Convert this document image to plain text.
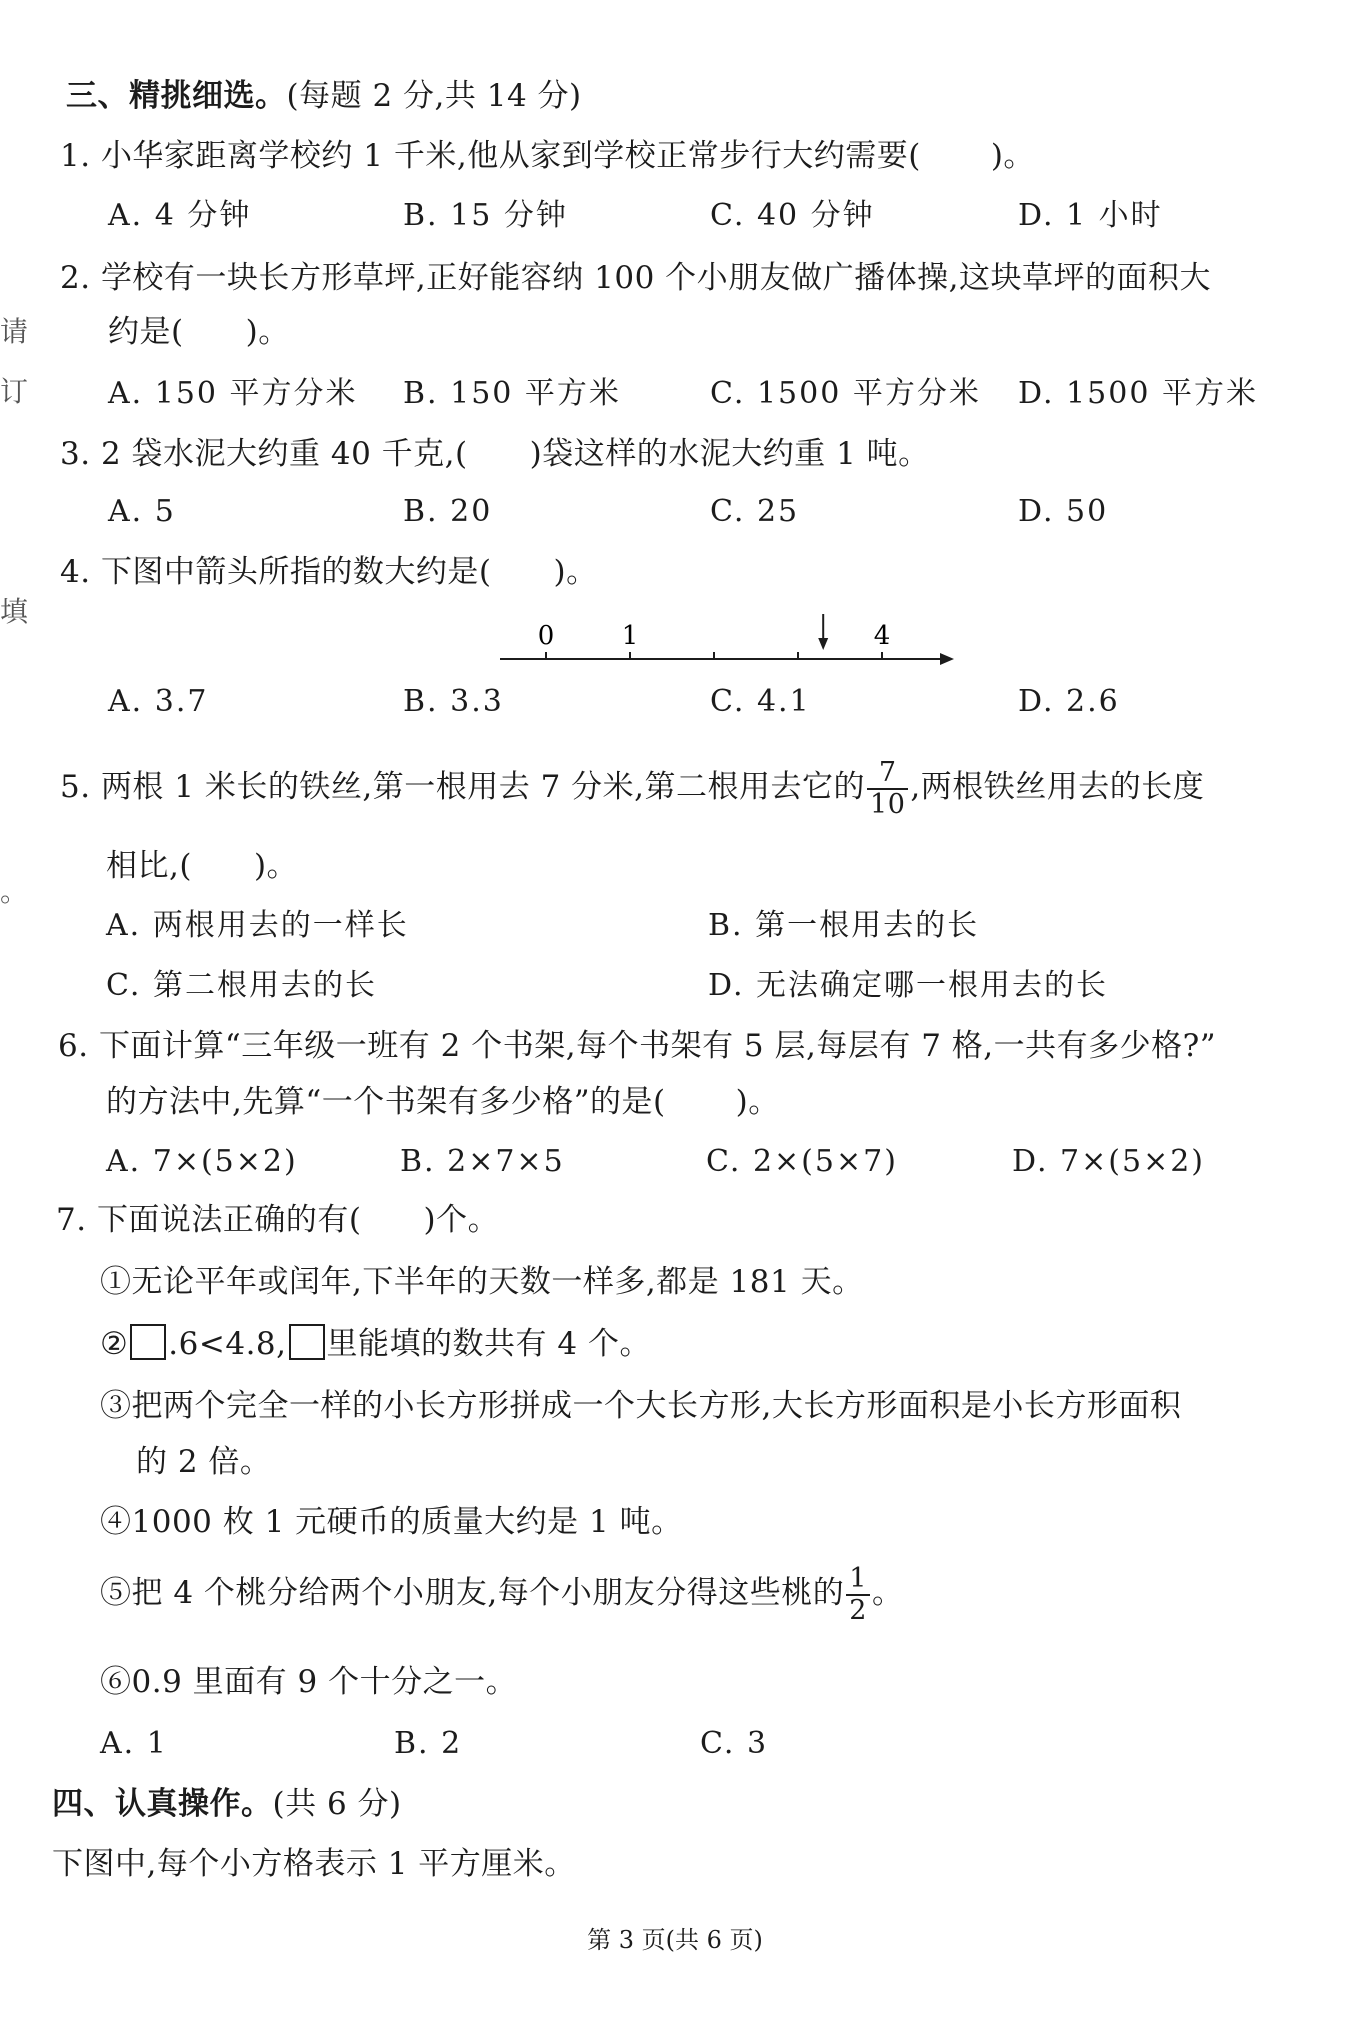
请
订
填
。
三、精挑细选。(每题 2 分,共 14 分)
1. 小华家距离学校约 1 千米,他从家到学校正常步行大约需要( )。
A. 4 分钟	B. 15 分钟	C. 40 分钟	D. 1 小时
2. 学校有一块长方形草坪,正好能容纳 100 个小朋友做广播体操,这块草坪的面积大
约是( )。
A. 150 平方分米 B. 150 平方米	C. 1500 平方分米 D. 1500 平方米
3. 2 袋水泥大约重 40 千克,( )袋这样的水泥大约重 1 吨。
A. 5	B. 20	C. 25	D. 50
4. 下图中箭头所指的数大约是( )。
0	1	4
A. 3.7	B. 3.3	C. 4.1	D. 2.6
5. 两根 1 米长的铁丝,第一根用去 7 分米,第二根用去它的 $\frac{7}{10}$ ,两根铁丝用去的长度
相比,( )。
A. 两根用去的一样长	B. 第一根用去的长
C. 第二根用去的长	D. 无法确定哪一根用去的长
6. 下面计算“三年级一班有 2 个书架,每个书架有 5 层,每层有 7 格,一共有多少格?”
的方法中,先算“一个书架有多少格”的是( )。
A. 7×(5×2)	B. 2×7×5	C. 2×(5×7)	D. 7×(5×2)
7. 下面说法正确的有( )个。
①无论平年或闰年,下半年的天数一样多,都是 181 天。
② .6<4.8, 里能填的数共有 4 个。
③把两个完全一样的小长方形拼成一个大长方形,大长方形面积是小长方形面积
的 2 倍。
④1000 枚 1 元硬币的质量大约是 1 吨。
⑤把 4 个桃分给两个小朋友,每个小朋友分得这些桃的 $\frac{1}{2}$ 。
⑥0.9 里面有 9 个十分之一。
A. 1	B. 2	C. 3
四、认真操作。(共 6 分)
下图中,每个小方格表示 1 平方厘米。
第 3 页(共 6 页)
